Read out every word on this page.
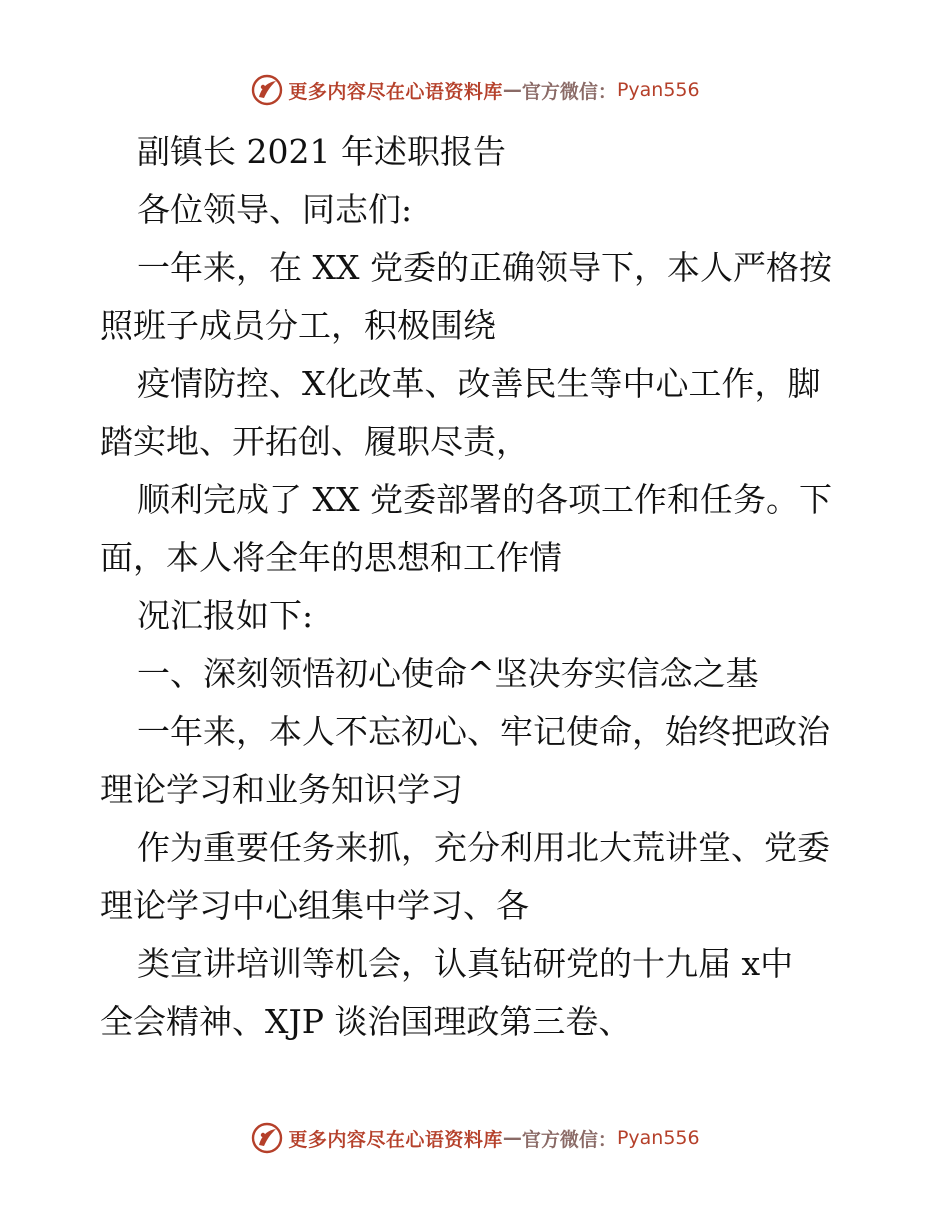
更多内容尽在心语资料库 — 官方微信： Pyan556
副镇长 2021 年述职报告
各位领导、同志们:
一年来，在 XX 党委的正确领导下，本人严格按
照班子成员分工，积极围绕
疫情防控、X化改革、改善民生等中心工作，脚
踏实地、开拓创、履职尽责，
顺利完成了 XX 党委部署的各项工作和任务。下
面，本人将全年的思想和工作情
况汇报如下:
一、深刻领悟初心使命^坚决夯实信念之基
一年来，本人不忘初心、牢记使命，始终把政治
理论学习和业务知识学习
作为重要任务来抓，充分利用北大荒讲堂、党委
理论学习中心组集中学习、各
类宣讲培训等机会，认真钻研党的十九届 x中
全会精神、XJP 谈治国理政第三卷、
更多内容尽在心语资料库 — 官方微信： Pyan556
